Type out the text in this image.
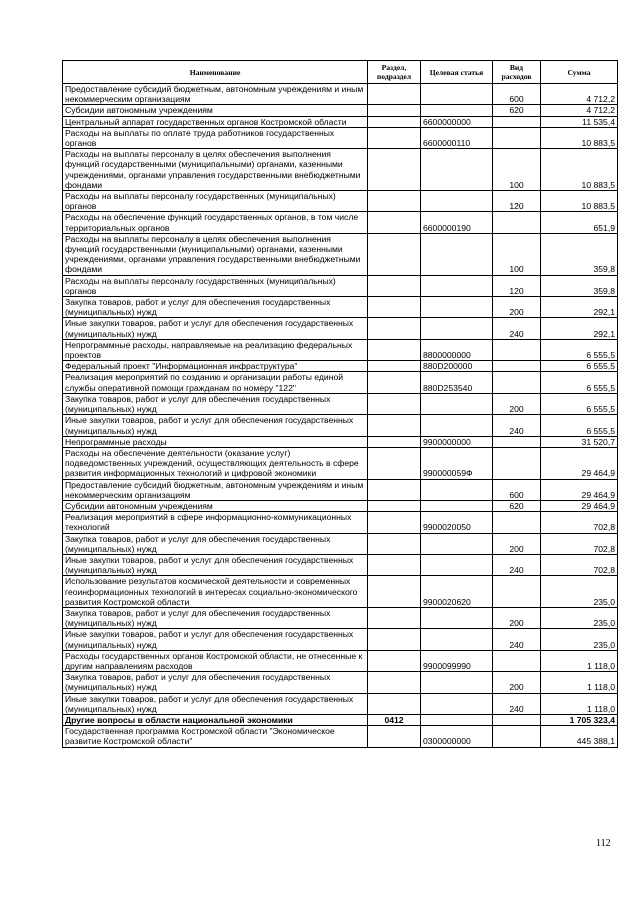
Наименование	Раздел, подраздел	Целевая статья	Вид расходов	Сумма
Предоставление субсидий бюджетным, автономным учреждениям и иным некоммерческим организациям			600	4 712,2
Субсидии автономным учреждениям			620	4 712,2
Центральный аппарат государственных органов Костромской области		6600000000		11 535,4
Расходы на выплаты по оплате труда работников государственных органов		6600000110		10 883,5
Расходы на выплаты персоналу в целях обеспечения выполнения функций государственными (муниципальными) органами, казенными учреждениями, органами управления государственными внебюджетными фондами			100	10 883,5
Расходы на выплаты персоналу государственных (муниципальных) органов			120	10 883,5
Расходы на обеспечение функций государственных органов, в том числе территориальных органов		6600000190		651,9
Расходы на выплаты персоналу в целях обеспечения выполнения функций государственными (муниципальными) органами, казенными учреждениями, органами управления государственными внебюджетными фондами			100	359,8
Расходы на выплаты персоналу государственных (муниципальных) органов			120	359,8
Закупка товаров, работ и услуг для обеспечения государственных (муниципальных) нужд			200	292,1
Иные закупки товаров, работ и услуг для обеспечения государственных (муниципальных) нужд			240	292,1
Непрограммные расходы, направляемые на реализацию федеральных проектов		8800000000		6 555,5
Федеральный проект "Информационная инфраструктура"		880D200000		6 555,5
Реализация мероприятий по созданию и организации работы единой службы оперативной помощи гражданам по номеру "122"		880D253540		6 555,5
Закупка товаров, работ и услуг для обеспечения государственных (муниципальных) нужд			200	6 555,5
Иные закупки товаров, работ и услуг для обеспечения государственных (муниципальных) нужд			240	6 555,5
Непрограммные расходы		9900000000		31 520,7
Расходы на обеспечение деятельности (оказание услуг) подведомственных учреждений, осуществляющих деятельность в сфере развития информационных технологий и цифровой экономики		990000059Ф		29 464,9
Предоставление субсидий бюджетным, автономным учреждениям и иным некоммерческим организациям			600	29 464,9
Субсидии автономным учреждениям			620	29 464,9
Реализация мероприятий в сфере информационно-коммуникационных технологий		9900020050		702,8
Закупка товаров, работ и услуг для обеспечения государственных (муниципальных) нужд			200	702,8
Иные закупки товаров, работ и услуг для обеспечения государственных (муниципальных) нужд			240	702,8
Использование результатов космической деятельности и современных геоинформационных технологий в интересах социально-экономического развития Костромской области		9900020620		235,0
Закупка товаров, работ и услуг для обеспечения государственных (муниципальных) нужд			200	235,0
Иные закупки товаров, работ и услуг для обеспечения государственных (муниципальных) нужд			240	235,0
Расходы государственных органов Костромской области, не отнесенные к другим направлениям расходов		9900099990		1 118,0
Закупка товаров, работ и услуг для обеспечения государственных (муниципальных) нужд			200	1 118,0
Иные закупки товаров, работ и услуг для обеспечения государственных (муниципальных) нужд			240	1 118,0
Другие вопросы в области национальной экономики	0412			1 705 323,4
Государственная программа Костромской области "Экономическое развитие Костромской области"		0300000000		445 388,1
112
